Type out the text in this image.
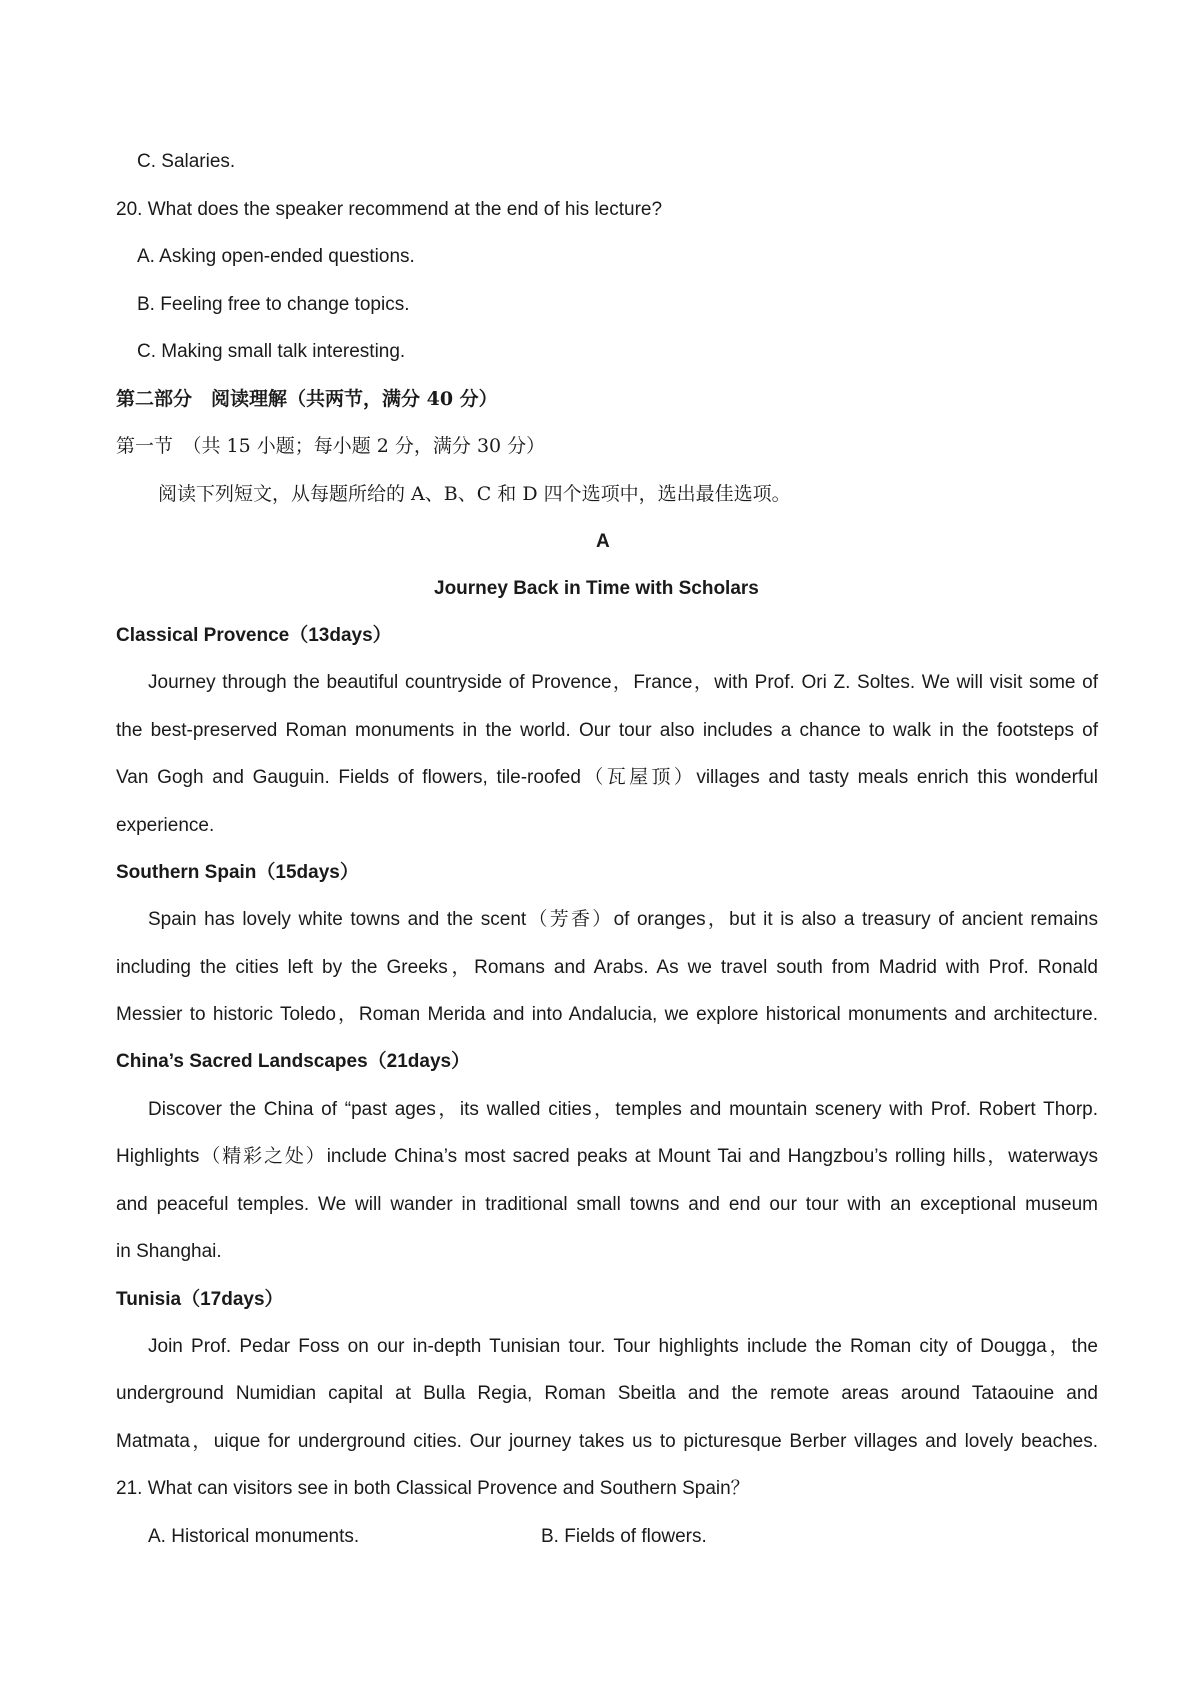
C. Salaries.
20. What does the speaker recommend at the end of his lecture?
A. Asking open-ended questions.
B. Feeling free to change topics.
C. Making small talk interesting.
第二部分　阅读理解（共两节，满分 40 分）
第一节　（共 15 小题；每小题 2 分，满分 30 分）
阅读下列短文，从每题所给的 A、B、C 和 D 四个选项中，选出最佳选项。
A
Journey Back in Time with Scholars
Classical Provence（13days）
Journey through the beautiful countryside of Provence，France，with Prof. Ori Z. Soltes. We will visit some of
the best-preserved Roman monuments in the world. Our tour also includes a chance to walk in the footsteps of
Van Gogh and Gauguin. Fields of flowers, tile-roofed（瓦屋顶）villages and tasty meals enrich this wonderful
experience.
Southern Spain（15days）
Spain has lovely white towns and the scent（芳香）of oranges，but it is also a treasury of ancient remains
including the cities left by the Greeks，Romans and Arabs. As we travel south from Madrid with Prof. Ronald
Messier to historic Toledo，Roman Merida and into Andalucia, we explore historical monuments and architecture.
China’s Sacred Landscapes（21days）
Discover the China of “past ages，its walled cities，temples and mountain scenery with Prof. Robert Thorp.
Highlights（精彩之处）include China’s most sacred peaks at Mount Tai and Hangzbou’s rolling hills，waterways
and peaceful temples. We will wander in traditional small towns and end our tour with an exceptional museum
in Shanghai.
Tunisia（17days）
Join Prof. Pedar Foss on our in-depth Tunisian tour. Tour highlights include the Roman city of Dougga，the
underground Numidian capital at Bulla Regia, Roman Sbeitla and the remote areas around Tataouine and
Matmata，uique for underground cities. Our journey takes us to picturesque Berber villages and lovely beaches.
21. What can visitors see in both Classical Provence and Southern Spain？
A. Historical monuments.	B. Fields of flowers.
